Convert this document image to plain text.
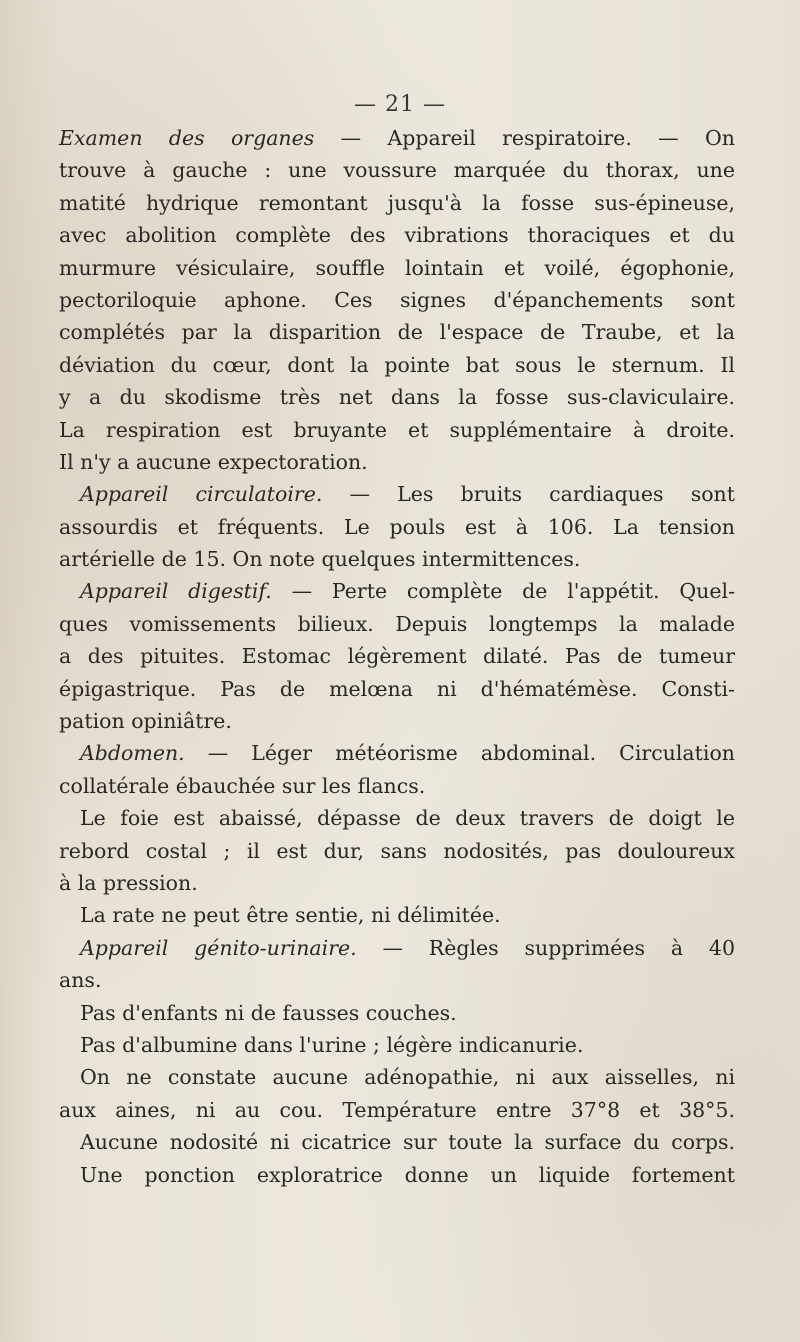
— 21 —
Examen des organes — Appareil respiratoire. — On
trouve à gauche : une voussure marquée du thorax, une
matité hydrique remontant jusqu'à la fosse sus-épineuse,
avec abolition complète des vibrations thoraciques et du
murmure vésiculaire, souffle lointain et voilé, égophonie,
pectoriloquie aphone. Ces signes d'épanchements sont
complétés par la disparition de l'espace de Traube, et la
déviation du cœur, dont la pointe bat sous le sternum. Il
y a du skodisme très net dans la fosse sus-claviculaire.
La respiration est bruyante et supplémentaire à droite.
Il n'y a aucune expectoration.
Appareil circulatoire. — Les bruits cardiaques sont
assourdis et fréquents. Le pouls est à 106. La tension
artérielle de 15. On note quelques intermittences.
Appareil digestif. — Perte complète de l'appétit. Quel-
ques vomissements bilieux. Depuis longtemps la malade
a des pituites. Estomac légèrement dilaté. Pas de tumeur
épigastrique. Pas de melœna ni d'hématémèse. Consti-
pation opiniâtre.
Abdomen. — Léger météorisme abdominal. Circulation
collatérale ébauchée sur les flancs.
Le foie est abaissé, dépasse de deux travers de doigt le
rebord costal ; il est dur, sans nodosités, pas douloureux
à la pression.
La rate ne peut être sentie, ni délimitée.
Appareil génito-urinaire. — Règles supprimées à 40
ans.
Pas d'enfants ni de fausses couches.
Pas d'albumine dans l'urine ; légère indicanurie.
On ne constate aucune adénopathie, ni aux aisselles, ni
aux aines, ni au cou. Température entre 37°8 et 38°5.
Aucune nodosité ni cicatrice sur toute la surface du corps.
Une ponction exploratrice donne un liquide fortement
